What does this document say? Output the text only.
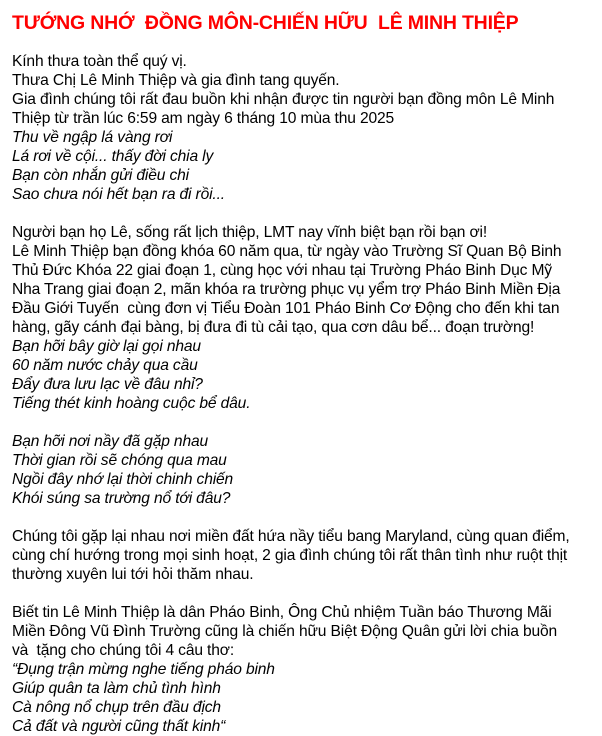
TƯỚNG NHỚ  ĐỒNG MÔN-CHIẾN HỮU  LÊ MINH THIỆP
Kính thưa toàn thể quý vị.
Thưa Chị Lê Minh Thiệp và gia đình tang quyến.
Gia đình chúng tôi rất đau buồn khi nhận được tin người bạn đồng môn Lê Minh
Thiệp từ trần lúc 6:59 am ngày 6 tháng 10 mùa thu 2025
Thu về ngập lá vàng rơi
Lá rơi về cội... thấy đời chia ly
Bạn còn nhắn gửi điều chi
Sao chưa nói hết bạn ra đi rồi...
Người bạn họ Lê, sống rất lịch thiệp, LMT nay vĩnh biệt bạn rồi bạn ơi!
Lê Minh Thiệp bạn đồng khóa 60 năm qua, từ ngày vào Trường Sĩ Quan Bộ Binh
Thủ Đức Khóa 22 giai đoạn 1, cùng học với nhau tại Trường Pháo Binh Dục Mỹ
Nha Trang giai đoạn 2, mãn khóa ra trường phục vụ yểm trợ Pháo Binh Miền Địa
Đầu Giới Tuyến  cùng đơn vị Tiểu Đoàn 101 Pháo Binh Cơ Động cho đến khi tan
hàng, gãy cánh đại bàng, bị đưa đi tù cải tạo, qua cơn dâu bể... đoạn trường!
Bạn hỡi bây giờ lại gọi nhau
60 năm nước chảy qua cầu
Đẩy đưa lưu lạc về đâu nhỉ?
Tiếng thét kinh hoàng cuộc bể dâu.
Bạn hỡi nơi nầy đã gặp nhau
Thời gian rồi sẽ chóng qua mau
Ngồi đây nhớ lại thời chinh chiến
Khói súng sa trường nổ tới đâu?
Chúng tôi gặp lại nhau nơi miền đất hứa nầy tiểu bang Maryland, cùng quan điểm,
cùng chí hướng trong mọi sinh hoạt, 2 gia đình chúng tôi rất thân tình như ruột thịt
thường xuyên lui tới hỏi thăm nhau.
Biết tin Lê Minh Thiệp là dân Pháo Binh, Ông Chủ nhiệm Tuần báo Thương Mãi
Miền Đông Vũ Đình Trường cũng là chiến hữu Biệt Động Quân gửi lời chia buồn
và  tặng cho chúng tôi 4 câu thơ:
“Đụng trận mừng nghe tiếng pháo binh
Giúp quân ta làm chủ tình hình
Cà nông nổ chụp trên đầu địch
Cả đất và người cũng thất kinh“
